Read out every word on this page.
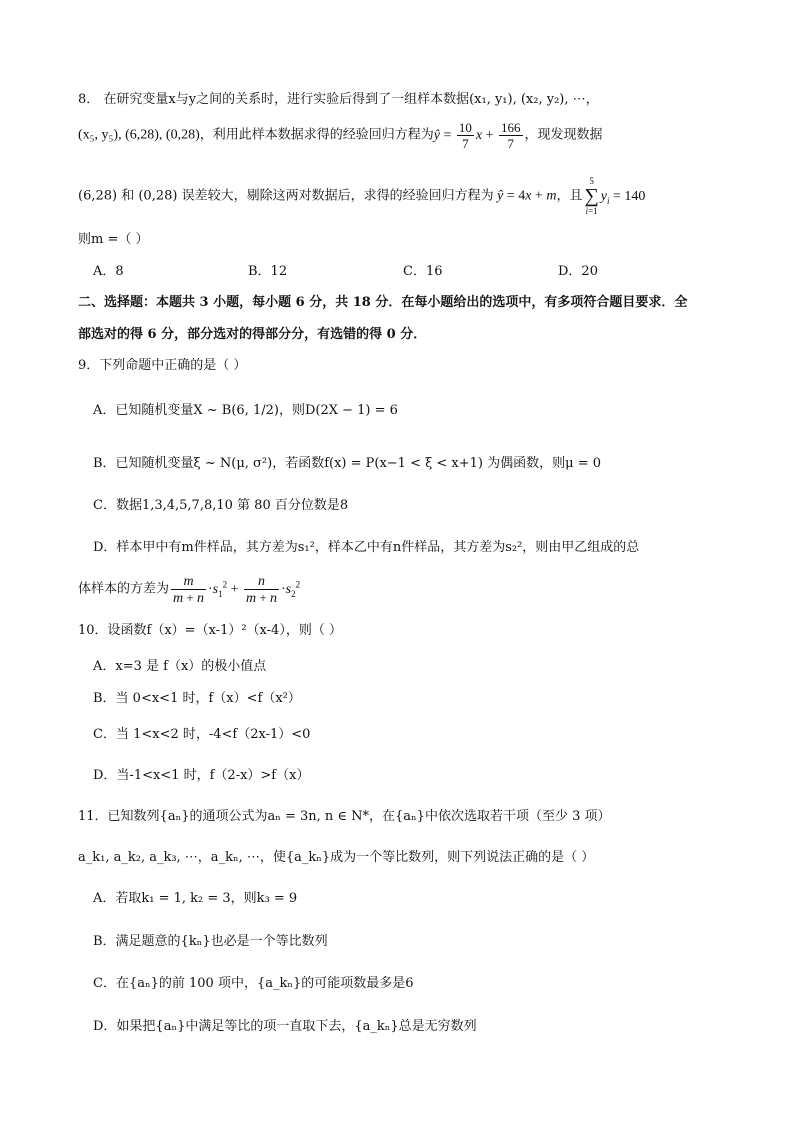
8． 在研究变量x与y之间的关系时，进行实验后得到了一组样本数据(x₁, y₁), (x₂, y₂), ⋯，
(x₅, y₅), (6,28), (0,28)，利用此样本数据求得的经验回归方程为ŷ = $\frac{10}{7}$ $x + \frac{166}{7}$ ，现发现数据
(6,28) 和 (0,28) 误差较大，剔除这两对数据后，求得的经验回归方程为 ŷ = 4x + m，且
5
∑
i=1
$y_i = 140$
则m =（ ）
A．8	B．12	C．16	D．20
二、选择题：本题共 3 小题，每小题 6 分，共 18 分．在每小题给出的选项中，有多项符合题目要求．全
部选对的得 6 分，部分选对的得部分分，有选错的得 0 分．
9．下列命题中正确的是（ ）
A．已知随机变量X ~ B(6, 1/2)，则D(2X − 1) = 6
B．已知随机变量ξ ~ N(μ, σ²)，若函数f(x) = P(x−1 < ξ < x+1) 为偶函数，则μ = 0
C．数据1,3,4,5,7,8,10 第 80 百分位数是8
D．样本甲中有m件样品，其方差为s₁²，样本乙中有n件样品，其方差为s₂²，则由甲乙组成的总
体样本的方差为 $\frac{m}{m + n} \cdot s_1^2 + \frac{n}{m + n} \cdot s_2^2$
10．设函数f（x）=（x-1）²（x-4），则（ ）
A．x=3 是 f（x）的极小值点
B．当 0<x<1 时，f（x）<f（x²）
C．当 1<x<2 时，-4<f（2x-1）<0
D．当-1<x<1 时，f（2-x）>f（x）
11．已知数列{aₙ}的通项公式为aₙ = 3n, n ∈ N*，在{aₙ}中依次选取若干项（至少 3 项）
a_k₁, a_k₂, a_k₃, ⋯，a_kₙ, ⋯，使{a_kₙ}成为一个等比数列，则下列说法正确的是（ ）
A．若取k₁ = 1, k₂ = 3，则k₃ = 9
B．满足题意的{kₙ}也必是一个等比数列
C．在{aₙ}的前 100 项中，{a_kₙ}的可能项数最多是6
D．如果把{aₙ}中满足等比的项一直取下去，{a_kₙ}总是无穷数列
